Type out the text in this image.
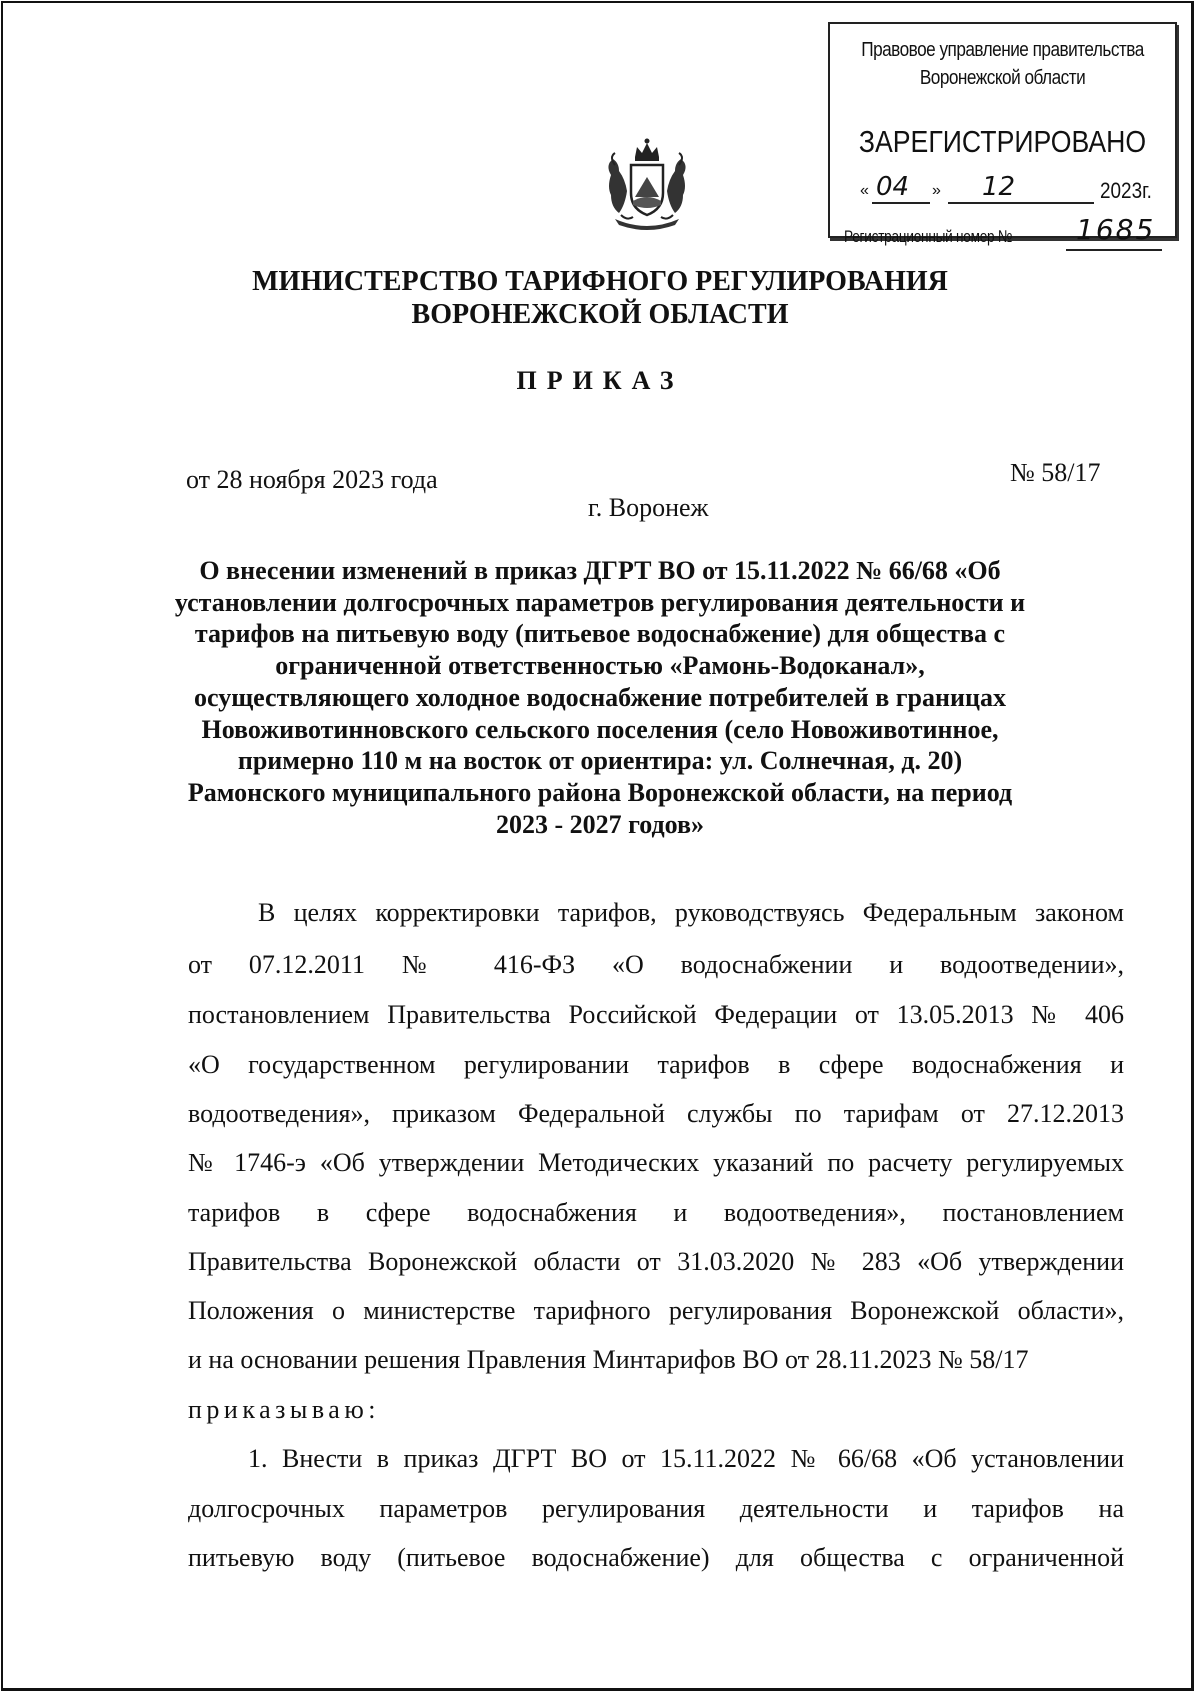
Правовое управление правительства
Воронежской области
ЗАРЕГИСТРИРОВАНО
« 04 » 12	2023г.
Регистрационный номер № 1685
МИНИСТЕРСТВО ТАРИФНОГО РЕГУЛИРОВАНИЯ
ВОРОНЕЖСКОЙ ОБЛАСТИ
ПРИКАЗ
от 28 ноября 2023 года	№ 58/17
г. Воронеж
О внесении изменений в приказ ДГРТ ВО от 15.11.2022 № 66/68 «Об
установлении долгосрочных параметров регулирования деятельности и
тарифов на питьевую воду (питьевое водоснабжение) для общества с
ограниченной ответственностью «Рамонь-Водоканал»,
осуществляющего холодное водоснабжение потребителей в границах
Новоживотинновского сельского поселения (село Новоживотинное,
примерно 110 м на восток от ориентира: ул. Солнечная, д. 20)
Рамонского муниципального района Воронежской области, на период
2023 - 2027 годов»
В целях корректировки тарифов, руководствуясь Федеральным законом
от 07.12.2011 № 416-ФЗ «О водоснабжении и водоотведении»,
постановлением Правительства Российской Федерации от 13.05.2013 № 406
«О государственном регулировании тарифов в сфере водоснабжения и
водоотведения», приказом Федеральной службы по тарифам от 27.12.2013
№ 1746-э «Об утверждении Методических указаний по расчету регулируемых
тарифов в сфере водоснабжения и водоотведения», постановлением
Правительства Воронежской области от 31.03.2020 № 283 «Об утверждении
Положения о министерстве тарифного регулирования Воронежской области»,
и на основании решения Правления Минтарифов ВО от 28.11.2023 № 58/17
приказываю:
1. Внести в приказ ДГРТ ВО от 15.11.2022 № 66/68 «Об установлении
долгосрочных параметров регулирования деятельности и тарифов на
питьевую воду (питьевое водоснабжение) для общества с ограниченной
